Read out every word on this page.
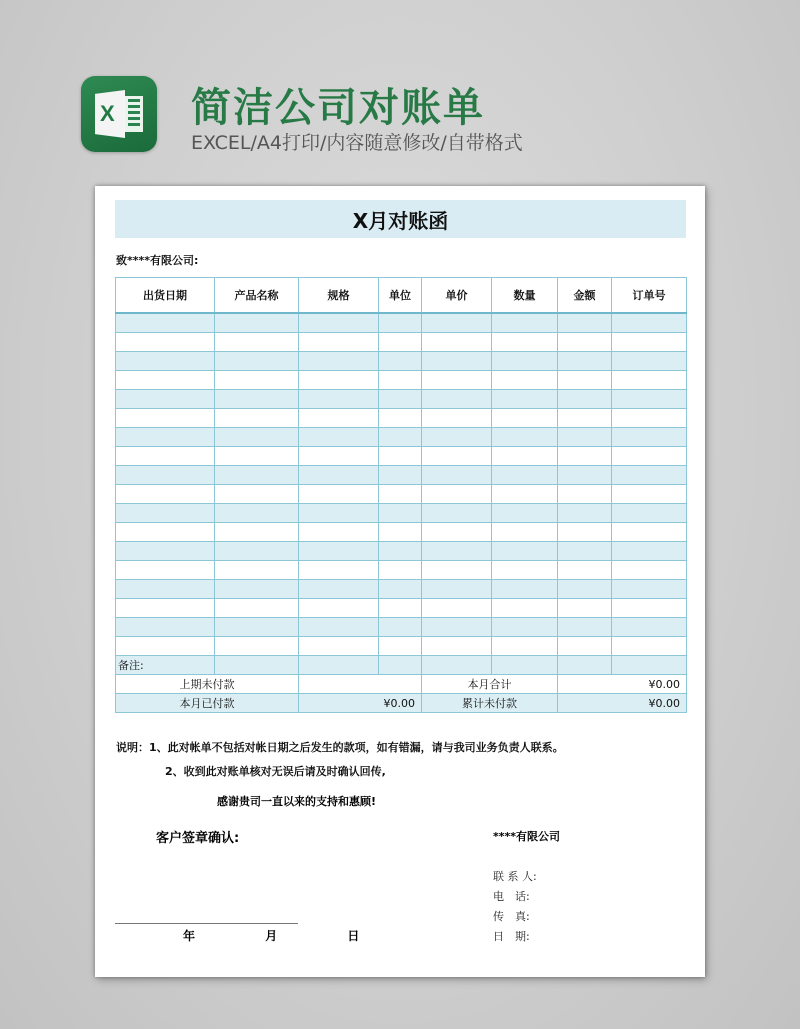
X 简洁公司对账单
EXCEL/A4打印/内容随意修改/自带格式
X月对账函
致****有限公司:
出货日期	产品名称	规格	单位	单价	数量	金额	订单号

备注:							
上期未付款				本月合计		¥0.00	
本月已付款		¥0.00		累计未付款		¥0.00	
说明：1、此对帐单不包括对帐日期之后发生的款项，如有错漏，请与我司业务负责人联系。
2、收到此对账单核对无误后请及时确认回传,
感谢贵司一直以来的支持和惠顾!
客户签章确认:	****有限公司
联 系 人:
电　话:
传　真:
日　期:
年	月	日
